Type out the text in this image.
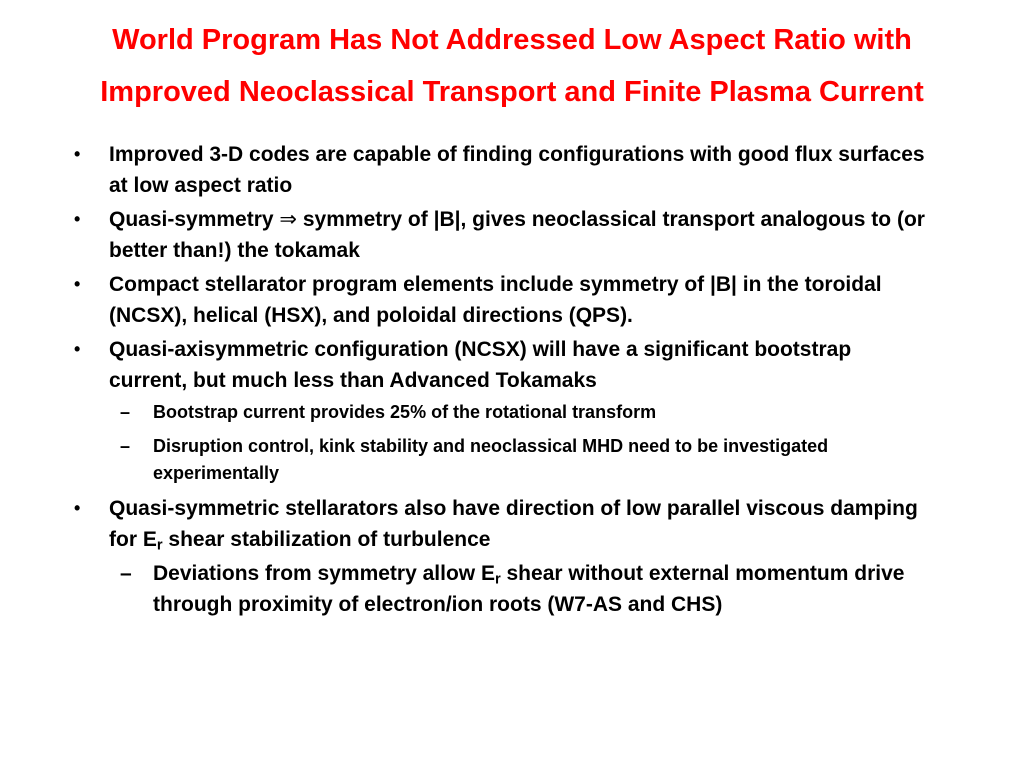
World Program Has Not Addressed Low Aspect Ratio with
Improved Neoclassical Transport and Finite Plasma Current
• Improved 3-D codes are capable of finding configurations with good flux surfaces at low aspect ratio
• Quasi-symmetry ⇒ symmetry of |B|, gives neoclassical transport analogous to (or better than!) the tokamak
• Compact stellarator program elements include symmetry of |B| in the toroidal (NCSX), helical (HSX), and poloidal directions (QPS).
• Quasi-axisymmetric configuration (NCSX) will have a significant bootstrap current, but much less than Advanced Tokamaks
– Bootstrap current provides 25% of the rotational transform
– Disruption control, kink stability and neoclassical MHD need to be investigated experimentally
• Quasi-symmetric stellarators also have direction of low parallel viscous damping for $E_r$ shear stabilization of turbulence
– Deviations from symmetry allow $E_r$ shear without external momentum drive through proximity of electron/ion roots (W7-AS and CHS)
